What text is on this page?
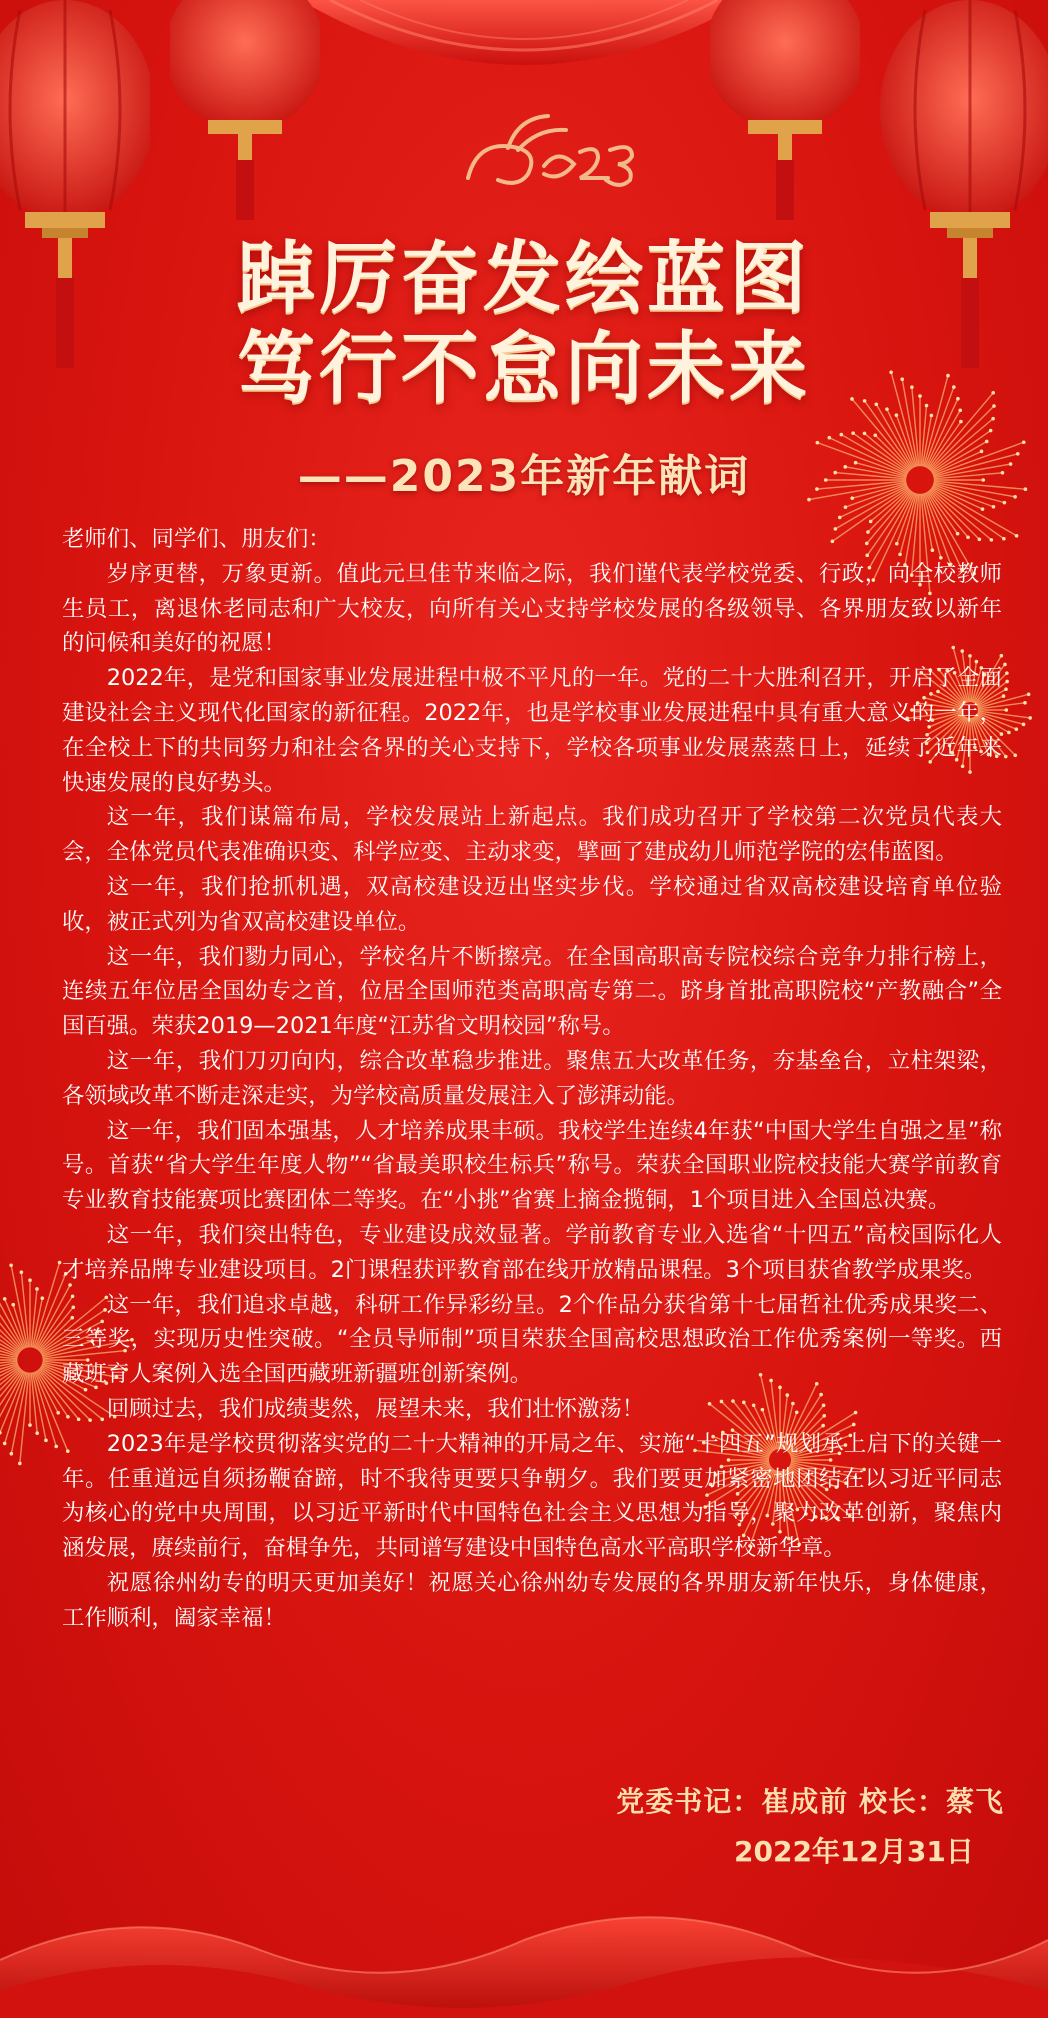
踔厉奋发绘蓝图
笃行不怠向未来
——2023年新年献词

老师们、同学们、朋友们：

岁序更替，万象更新。值此元旦佳节来临之际，我们谨代表学校党委、行政，向全校教师生员工，离退休老同志和广大校友，向所有关心支持学校发展的各级领导、各界朋友致以新年的问候和美好的祝愿！

2022年，是党和国家事业发展进程中极不平凡的一年。党的二十大胜利召开，开启了全面建设社会主义现代化国家的新征程。2022年，也是学校事业发展进程中具有重大意义的一年，在全校上下的共同努力和社会各界的关心支持下，学校各项事业发展蒸蒸日上，延续了近年来快速发展的良好势头。

这一年，我们谋篇布局，学校发展站上新起点。我们成功召开了学校第二次党员代表大会，全体党员代表准确识变、科学应变、主动求变，擘画了建成幼儿师范学院的宏伟蓝图。

这一年，我们抢抓机遇，双高校建设迈出坚实步伐。学校通过省双高校建设培育单位验收，被正式列为省双高校建设单位。

这一年，我们勠力同心，学校名片不断擦亮。在全国高职高专院校综合竞争力排行榜上，连续五年位居全国幼专之首，位居全国师范类高职高专第二。跻身首批高职院校“产教融合”全国百强。荣获2019—2021年度“江苏省文明校园”称号。

这一年，我们刀刃向内，综合改革稳步推进。聚焦五大改革任务，夯基垒台，立柱架梁，各领域改革不断走深走实，为学校高质量发展注入了澎湃动能。

这一年，我们固本强基，人才培养成果丰硕。我校学生连续4年获“中国大学生自强之星”称号。首获“省大学生年度人物”“省最美职校生标兵”称号。荣获全国职业院校技能大赛学前教育专业教育技能赛项比赛团体二等奖。在“小挑”省赛上摘金揽铜，1个项目进入全国总决赛。

这一年，我们突出特色，专业建设成效显著。学前教育专业入选省“十四五”高校国际化人才培养品牌专业建设项目。2门课程获评教育部在线开放精品课程。3个项目获省教学成果奖。

这一年，我们追求卓越，科研工作异彩纷呈。2个作品分获省第十七届哲社优秀成果奖二、三等奖，实现历史性突破。“全员导师制”项目荣获全国高校思想政治工作优秀案例一等奖。西藏班育人案例入选全国西藏班新疆班创新案例。

回顾过去，我们成绩斐然，展望未来，我们壮怀激荡！

2023年是学校贯彻落实党的二十大精神的开局之年、实施“十四五”规划承上启下的关键一年。任重道远自须扬鞭奋蹄，时不我待更要只争朝夕。我们要更加紧密地团结在以习近平同志为核心的党中央周围，以习近平新时代中国特色社会主义思想为指导，聚力改革创新，聚焦内涵发展，赓续前行，奋楫争先，共同谱写建设中国特色高水平高职学校新华章。

祝愿徐州幼专的明天更加美好！祝愿关心徐州幼专发展的各界朋友新年快乐，身体健康，工作顺利，阖家幸福！

党委书记：崔成前 校长：蔡飞
2022年12月31日
